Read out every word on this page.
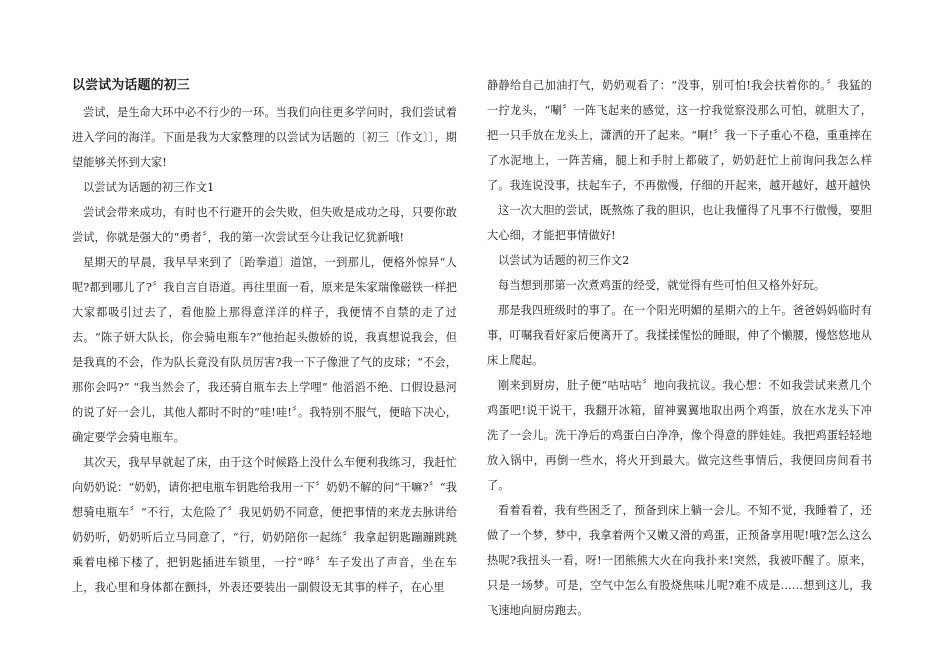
以尝试为话题的初三

尝试，是生命大环中必不行少的一环。当我们向往更多学问时，我们尝试着进入学问的海洋。下面是我为大家整理的以尝试为话题的〔初三〔作文〕〕，期望能够关怀到大家!

以尝试为话题的初三作文1

尝试会带来成功，有时也不行避开的会失败，但失败是成功之母，只要你敢尝试，你就是强大的“勇者〞，我的第一次尝试至今让我记忆犹新哦!

星期天的早晨，我早早来到了〔跆拳道〕道馆，一到那儿，便格外惊异“人呢?都到哪儿了?〞我自言自语道。再往里面一看，原来是朱家瑞像磁铁一样把大家都吸引过去了，看他脸上那得意洋洋的样子，我便情不自禁的走了过去。“陈子妍大队长，你会骑电瓶车?”他抬起头傲娇的说，我真想说我会，但是我真的不会，作为队长竟没有队员厉害?我一下子像泄了气的皮球；“不会，那你会吗?” “我当然会了，我还骑自瓶车去上学哩” 他滔滔不绝、口假设悬河的说了好一会儿，其他人都时不时的“哇!哇!〞。我特别不服气，便暗下决心，确定要学会骑电瓶车。

其次天，我早早就起了床，由于这个时候路上没什么车便利我练习，我赶忙向奶奶说：“奶奶，请你把电瓶车钥匙给我用一下〞奶奶不解的问“干嘛?〞“我想骑电瓶车〞“不行，太危险了〞我见奶奶不同意，便把事情的来龙去脉讲给奶奶听，奶奶听后立马同意了，“行，奶奶陪你一起练〞我拿起钥匙蹦蹦跳跳乘着电梯下楼了，把钥匙插进车锁里，一拧“哗〞车子发出了声音，坐在车上，我心里和身体都在颤抖，外表还要装出一副假设无其事的样子，在心里

静静给自己加油打气，奶奶观看了：“没事，别可怕!我会扶着你的。〞我猛的一拧龙头，“唰〞一阵飞起来的感觉，这一拧我觉察没那么可怕，就胆大了，把一只手放在龙头上，潇洒的开了起来。“啊!〞我一下子重心不稳，重重摔在了水泥地上，一阵苦痛，腿上和手肘上都破了，奶奶赶忙上前询问我怎么样了。我连说没事，扶起车子，不再傲慢，仔细的开起来，越开越好，越开越快

这一次大胆的尝试，既熬炼了我的胆识，也让我懂得了凡事不行傲慢，要胆大心细，才能把事情做好!

以尝试为话题的初三作文2

每当想到那第一次煮鸡蛋的经受，就觉得有些可怕但又格外好玩。

那是我四班级时的事了。在一个阳光明媚的星期六的上午。爸爸妈妈临时有事，叮嘱我看好家后便离开了。我揉揉惺忪的睡眼，伸了个懒腰，慢悠悠地从床上爬起。

刚来到厨房，肚子便“咕咕咕〞地向我抗议。我心想：不如我尝试来煮几个鸡蛋吧!说干说干，我翻开冰箱，留神翼翼地取出两个鸡蛋，放在水龙头下冲洗了一会儿。洗干净后的鸡蛋白白净净，像个得意的胖娃娃。我把鸡蛋轻轻地放入锅中，再倒一些水，将火开到最大。做完这些事情后，我便回房间看书了。

看着看着，我有些困乏了，预备到床上躺一会儿。不知不觉，我睡着了，还做了一个梦，梦中，我拿着两个又嫩又滑的鸡蛋，正预备享用呢!哦?怎么这么热呢?我扭头一看，呀!一团熊熊大火在向我扑来!突然，我被吓醒了。原来，只是一场梦。可是，空气中怎么有股烧焦味儿呢?难不成是……想到这儿，我飞速地向厨房跑去。
